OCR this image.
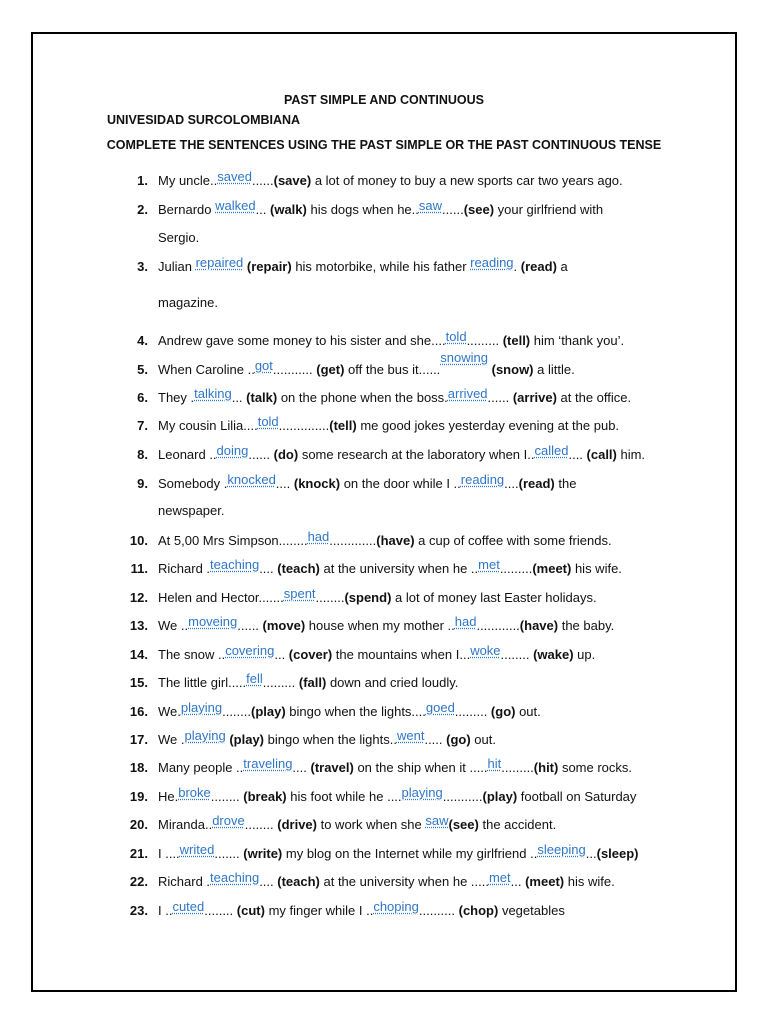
PAST SIMPLE AND CONTINUOUS
UNIVESIDAD SURCOLOMBIANA
COMPLETE THE SENTENCES USING THE PAST SIMPLE OR THE PAST CONTINUOUS TENSE
1. My uncle..saved......(save) a lot of money to buy a new sports car two years ago.
2. Bernardo walked... (walk) his dogs when he..saw......(see) your girlfriend with
Sergio.
3. Julian repaired (repair) his motorbike, while his father reading. (read) a
magazine.
4. Andrew gave some money to his sister and she....told......... (tell) him ‘thank you’.
5. When Caroline ..got........... (get) off the bus it......snowing (snow) a little.
6. They .talking... (talk) on the phone when the boss.arrived...... (arrive) at the office.
7. My cousin Lilia....told..............(tell) me good jokes yesterday evening at the pub.
8. Leonard ..doing...... (do) some research at the laboratory when I..called.... (call) him.
9. Somebody .knocked.... (knock) on the door while I ..reading....(read) the
newspaper.
10. At 5,00 Mrs Simpson........had.............(have) a cup of coffee with some friends.
11. Richard .teaching.... (teach) at the university when he ..met.........(meet) his wife.
12. Helen and Hector.......spent........(spend) a lot of money last Easter holidays.
13. We ..moveing...... (move) house when my mother ..had............(have) the baby.
14. The snow ..covering... (cover) the mountains when I...woke........ (wake) up.
15. The little girl.....fell......... (fall) down and cried loudly.
16. We.playing........(play) bingo when the lights....goed......... (go) out.
17. We .playing (play) bingo when the lights..went..... (go) out.
18. Many people ..traveling.... (travel) on the ship when it .....hit.........(hit) some rocks.
19. He.broke........ (break) his foot while he ....playing...........(play) football on Saturday
20. Miranda..drove........ (drive) to work when she saw(see) the accident.
21. I ....writed....... (write) my blog on the Internet while my girlfriend ..sleeping...(sleep)
22. Richard .teaching.... (teach) at the university when he .....met... (meet) his wife.
23. I ..cuted........ (cut) my finger while I ..choping.......... (chop) vegetables
